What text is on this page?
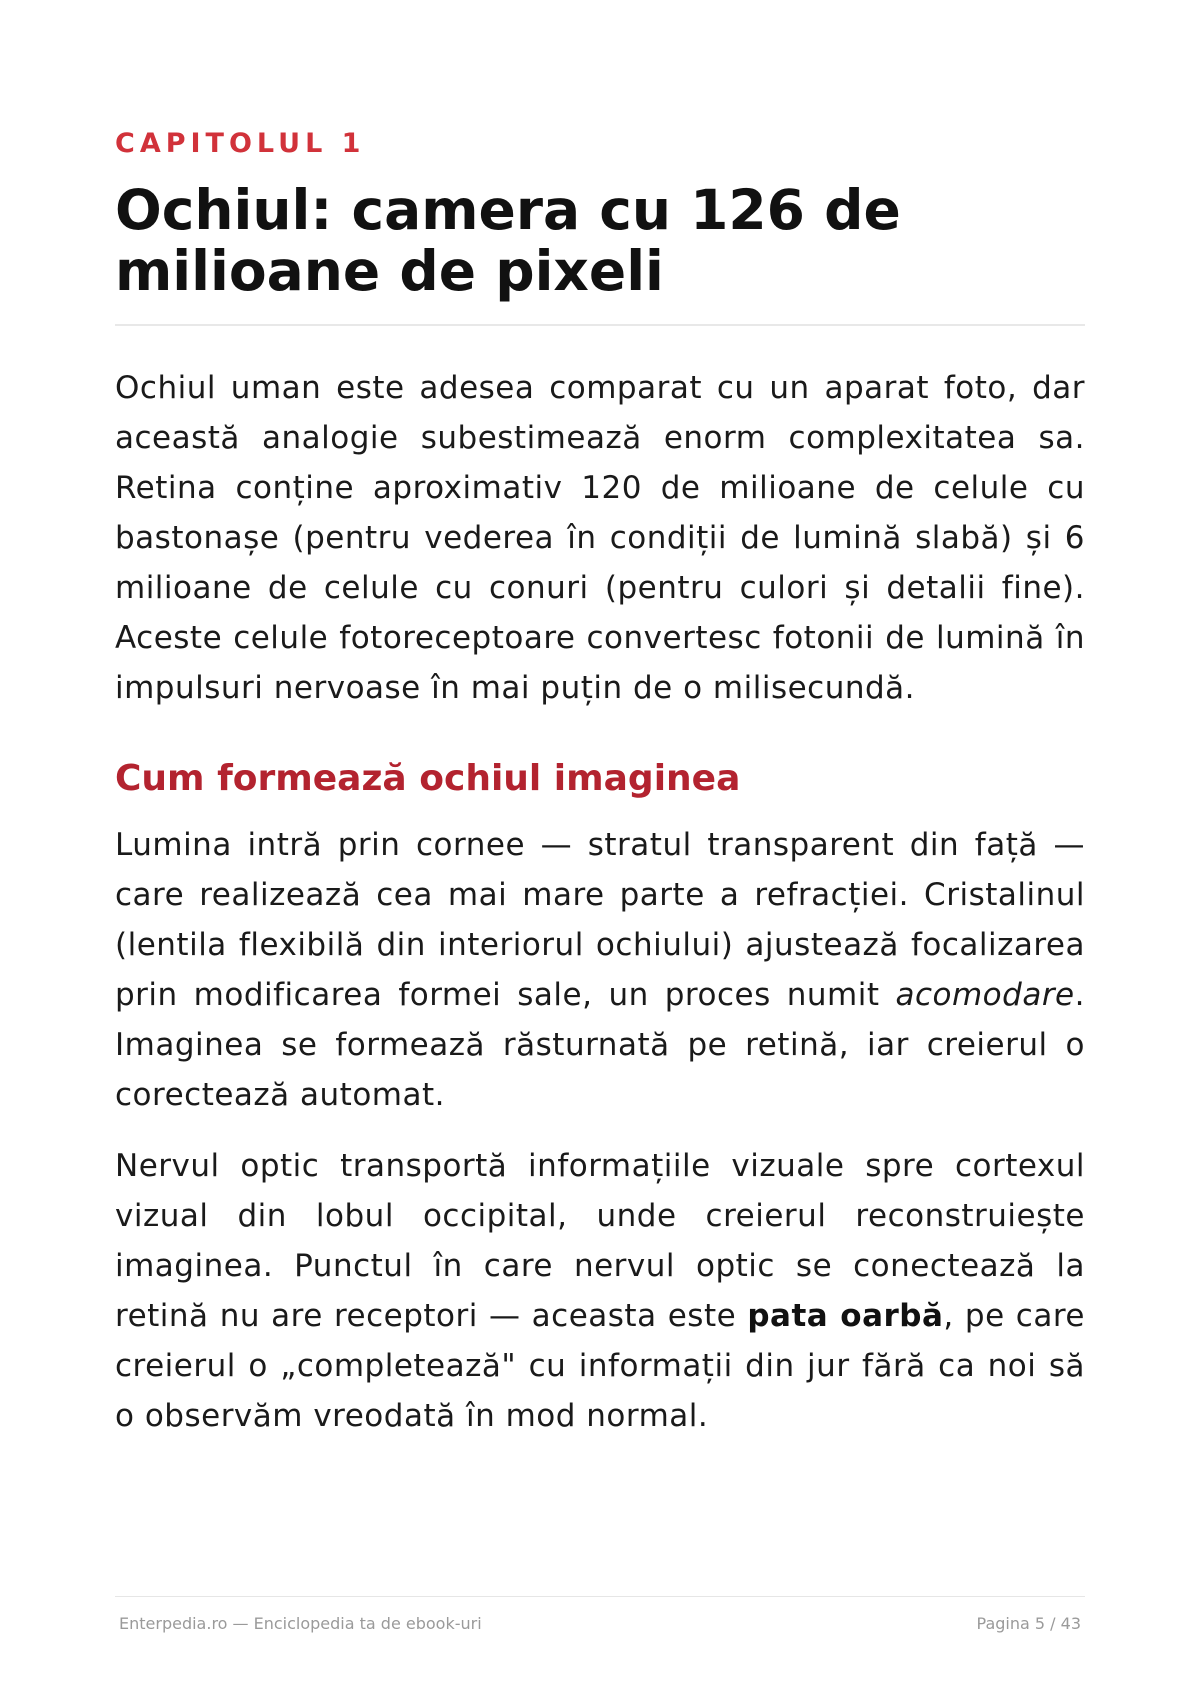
CAPITOLUL 1
Ochiul: camera cu 126 de milioane de pixeli

Ochiul uman este adesea comparat cu un aparat foto, dar această analogie subestimează enorm complexitatea sa. Retina conține aproximativ 120 de milioane de celule cu bastonașe (pentru vederea în condiții de lumină slabă) și 6 milioane de celule cu conuri (pentru culori și detalii fine). Aceste celule fotoreceptoare convertesc fotonii de lumină în impulsuri nervoase în mai puțin de o milisecundă.

Cum formează ochiul imaginea

Lumina intră prin cornee — stratul transparent din față — care realizează cea mai mare parte a refracției. Cristalinul (lentila flexibilă din interiorul ochiului) ajustează focalizarea prin modificarea formei sale, un proces numit acomodare. Imaginea se formează răsturnată pe retină, iar creierul o corectează automat.

Nervul optic transportă informațiile vizuale spre cortexul vizual din lobul occipital, unde creierul reconstruiește imaginea. Punctul în care nervul optic se conectează la retină nu are receptori — aceasta este pata oarbă, pe care creierul o „completează" cu informații din jur fără ca noi să o observăm vreodată în mod normal.

Enterpedia.ro — Enciclopedia ta de ebook-uri	Pagina 5 / 43
